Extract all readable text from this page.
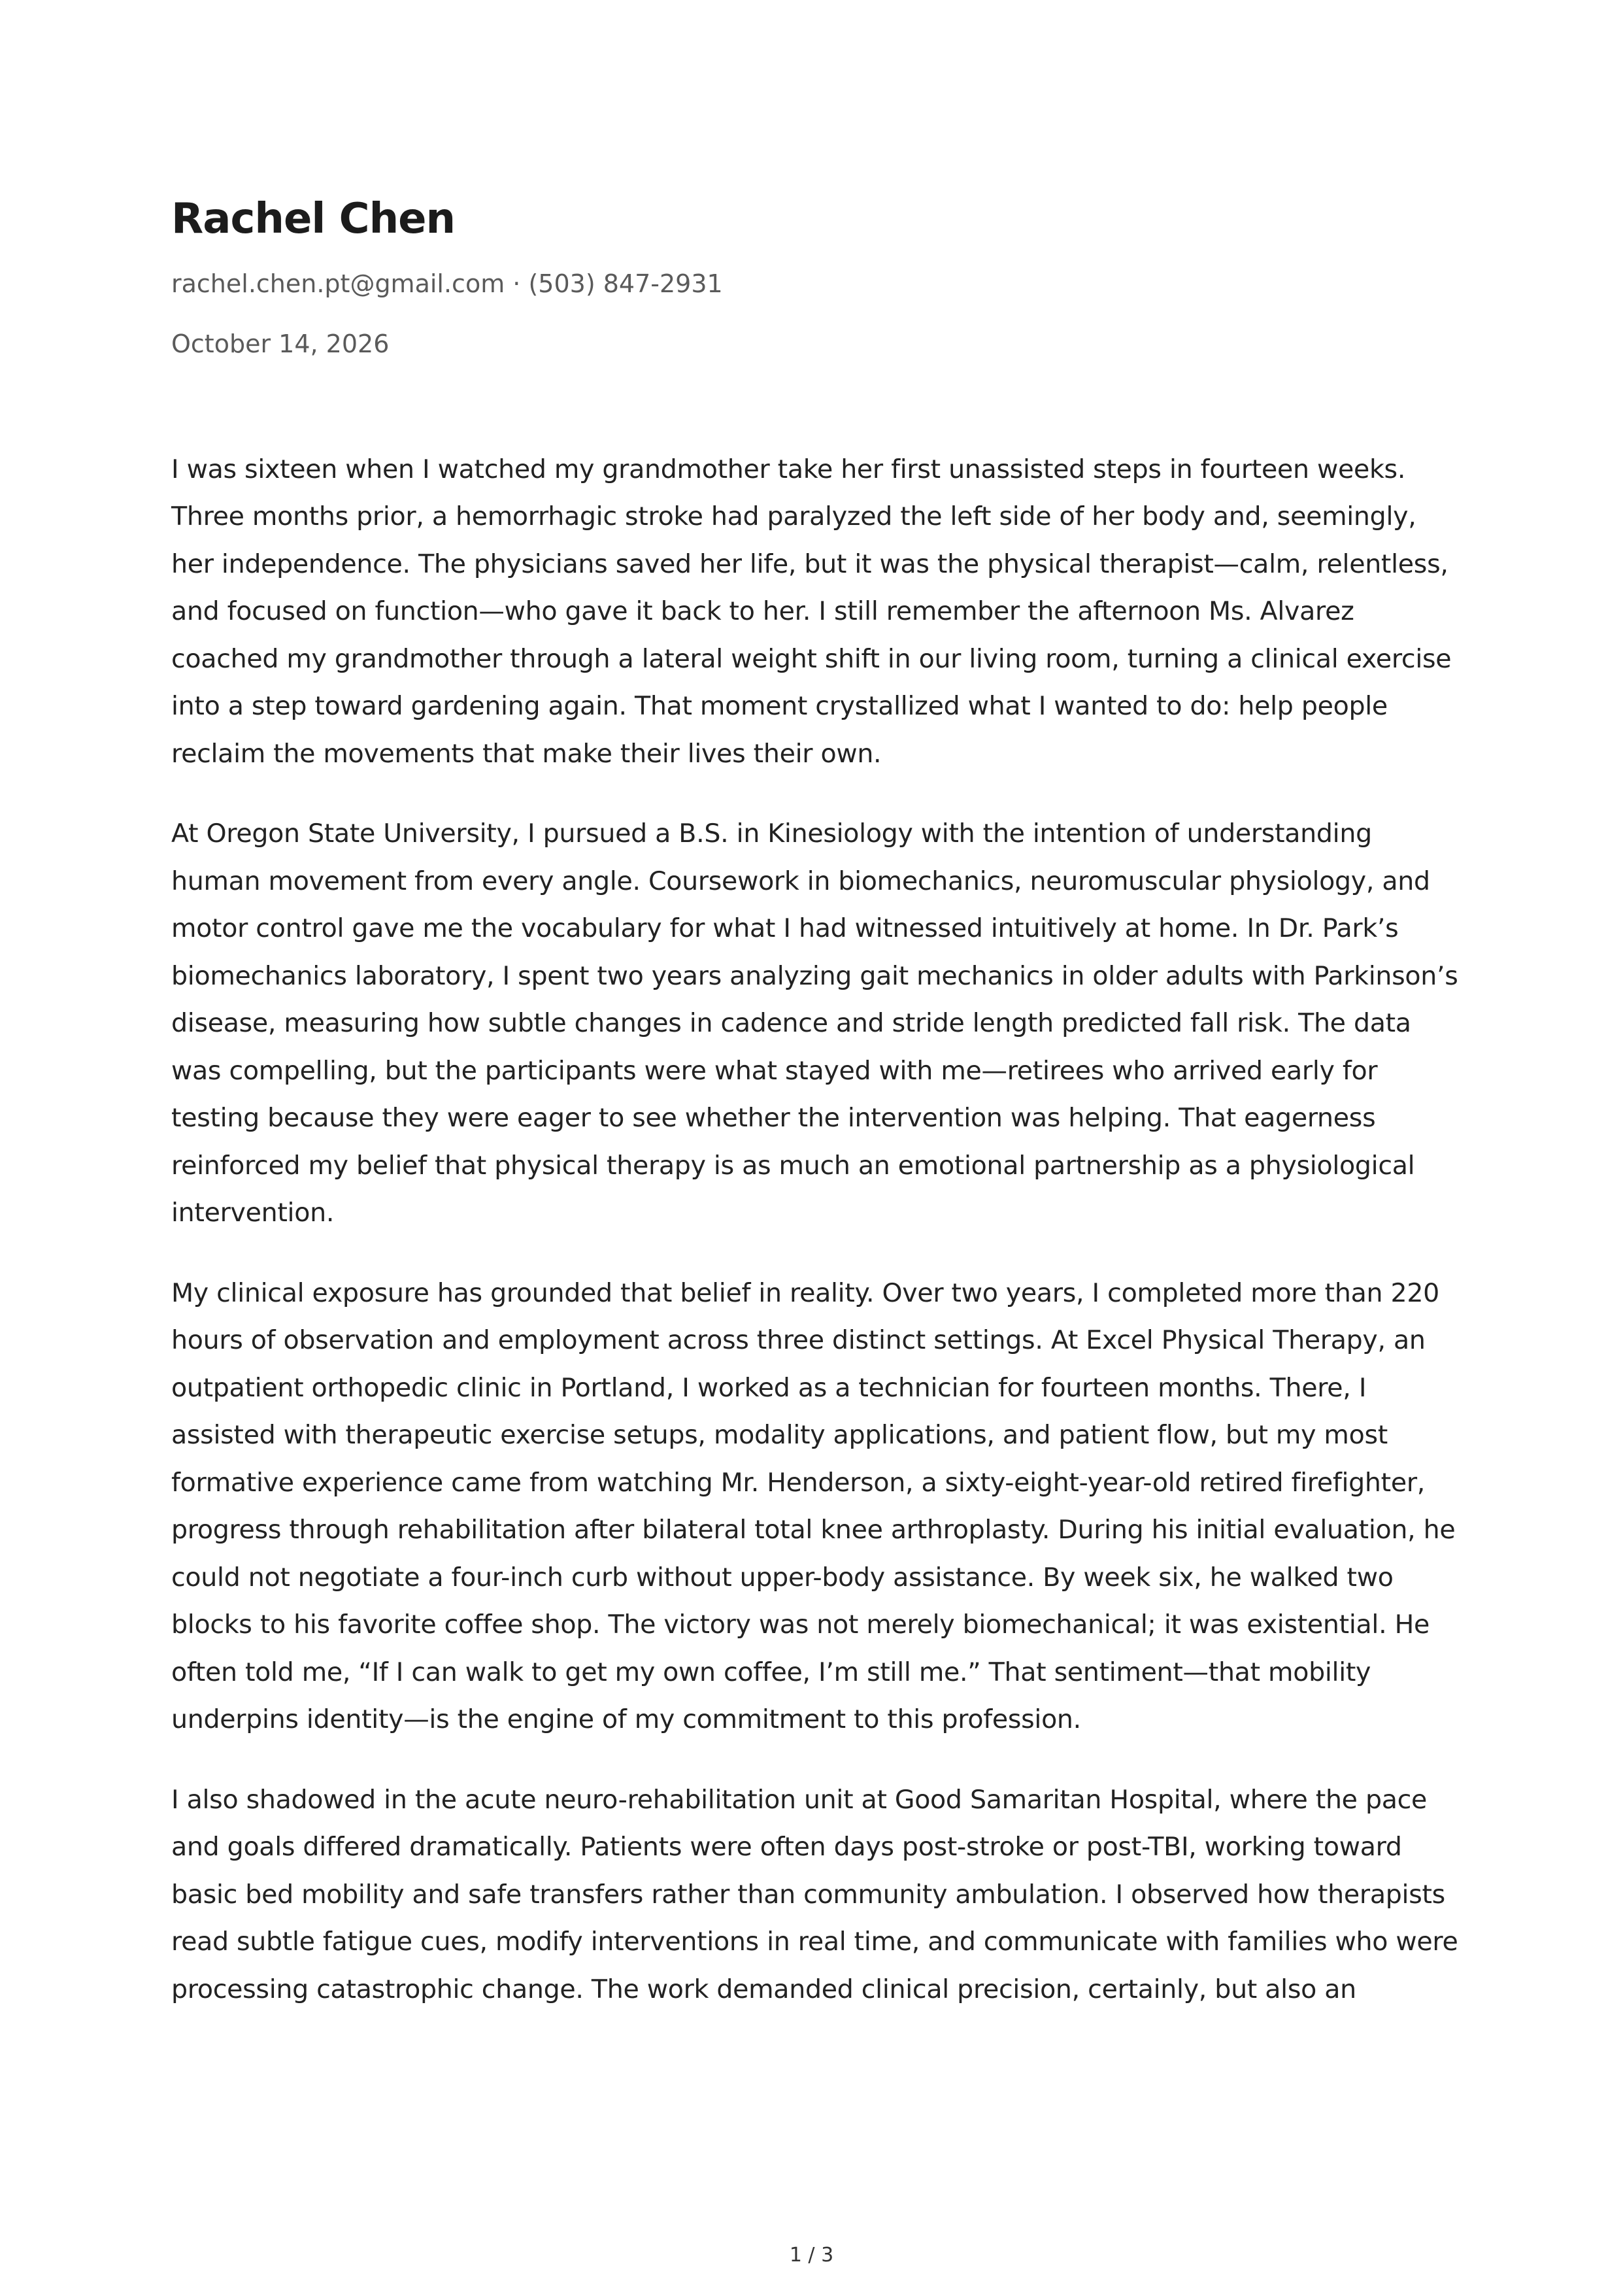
Rachel Chen
rachel.chen.pt@gmail.com · (503) 847-2931
October 14, 2026

I was sixteen when I watched my grandmother take her first unassisted steps in fourteen weeks. Three months prior, a hemorrhagic stroke had paralyzed the left side of her body and, seemingly, her independence. The physicians saved her life, but it was the physical therapist—calm, relentless, and focused on function—who gave it back to her. I still remember the afternoon Ms. Alvarez coached my grandmother through a lateral weight shift in our living room, turning a clinical exercise into a step toward gardening again. That moment crystallized what I wanted to do: help people reclaim the movements that make their lives their own.

At Oregon State University, I pursued a B.S. in Kinesiology with the intention of understanding human movement from every angle. Coursework in biomechanics, neuromuscular physiology, and motor control gave me the vocabulary for what I had witnessed intuitively at home. In Dr. Park’s biomechanics laboratory, I spent two years analyzing gait mechanics in older adults with Parkinson’s disease, measuring how subtle changes in cadence and stride length predicted fall risk. The data was compelling, but the participants were what stayed with me—retirees who arrived early for testing because they were eager to see whether the intervention was helping. That eagerness reinforced my belief that physical therapy is as much an emotional partnership as a physiological intervention.

My clinical exposure has grounded that belief in reality. Over two years, I completed more than 220 hours of observation and employment across three distinct settings. At Excel Physical Therapy, an outpatient orthopedic clinic in Portland, I worked as a technician for fourteen months. There, I assisted with therapeutic exercise setups, modality applications, and patient flow, but my most formative experience came from watching Mr. Henderson, a sixty-eight-year-old retired firefighter, progress through rehabilitation after bilateral total knee arthroplasty. During his initial evaluation, he could not negotiate a four-inch curb without upper-body assistance. By week six, he walked two blocks to his favorite coffee shop. The victory was not merely biomechanical; it was existential. He often told me, “If I can walk to get my own coffee, I’m still me.” That sentiment—that mobility underpins identity—is the engine of my commitment to this profession.

I also shadowed in the acute neuro-rehabilitation unit at Good Samaritan Hospital, where the pace and goals differed dramatically. Patients were often days post-stroke or post-TBI, working toward basic bed mobility and safe transfers rather than community ambulation. I observed how therapists read subtle fatigue cues, modify interventions in real time, and communicate with families who were processing catastrophic change. The work demanded clinical precision, certainly, but also an

1 / 3
